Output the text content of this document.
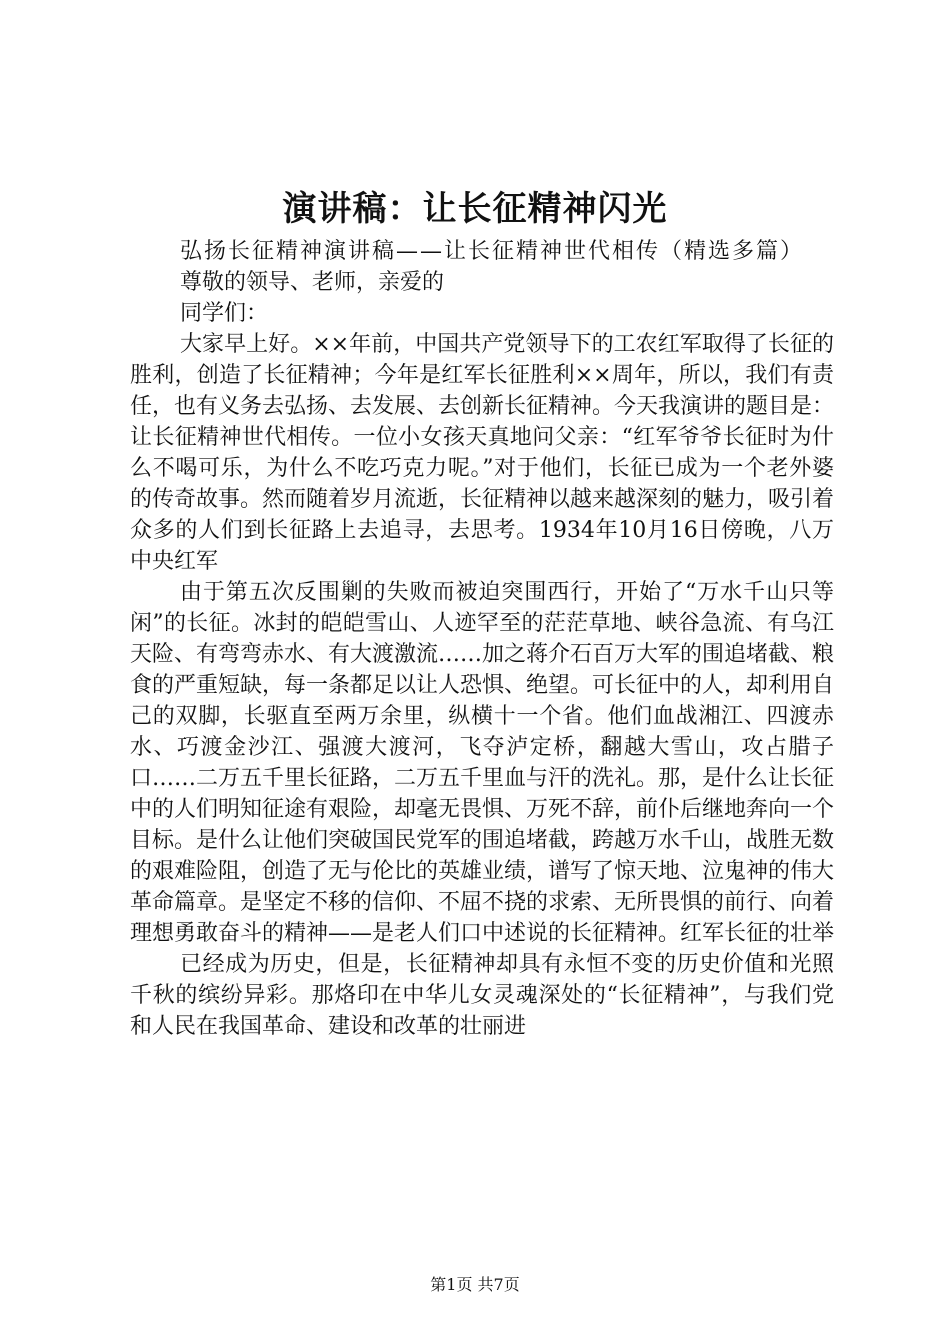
演讲稿：让长征精神闪光

弘扬长征精神演讲稿——让长征精神世代相传（精选多篇）

尊敬的领导、老师，亲爱的

同学们：

大家早上好。××年前，中国共产党领导下的工农红军取得了长征的胜利，创造了长征精神；今年是红军长征胜利××周年，所以，我们有责任，也有义务去弘扬、去发展、去创新长征精神。今天我演讲的题目是：让长征精神世代相传。一位小女孩天真地问父亲：“红军爷爷长征时为什么不喝可乐，为什么不吃巧克力呢。”对于他们，长征已成为一个老外婆的传奇故事。然而随着岁月流逝，长征精神以越来越深刻的魅力，吸引着众多的人们到长征路上去追寻，去思考。1934年10月16日傍晚，八万中央红军

由于第五次反围剿的失败而被迫突围西行，开始了“万水千山只等闲”的长征。冰封的皑皑雪山、人迹罕至的茫茫草地、峡谷急流、有乌江天险、有弯弯赤水、有大渡激流……加之蒋介石百万大军的围追堵截、粮食的严重短缺，每一条都足以让人恐惧、绝望。可长征中的人，却利用自己的双脚，长驱直至两万余里，纵横十一个省。他们血战湘江、四渡赤水、巧渡金沙江、强渡大渡河，飞夺泸定桥，翻越大雪山，攻占腊子口……二万五千里长征路，二万五千里血与汗的洗礼。那，是什么让长征中的人们明知征途有艰险，却毫无畏惧、万死不辞，前仆后继地奔向一个目标。是什么让他们突破国民党军的围追堵截，跨越万水千山，战胜无数的艰难险阻，创造了无与伦比的英雄业绩，谱写了惊天地、泣鬼神的伟大革命篇章。是坚定不移的信仰、不屈不挠的求索、无所畏惧的前行、向着理想勇敢奋斗的精神——是老人们口中述说的长征精神。红军长征的壮举

已经成为历史，但是，长征精神却具有永恒不变的历史价值和光照千秋的缤纷异彩。那烙印在中华儿女灵魂深处的“长征精神”，与我们党和人民在我国革命、建设和改革的壮丽进

第1页 共7页
